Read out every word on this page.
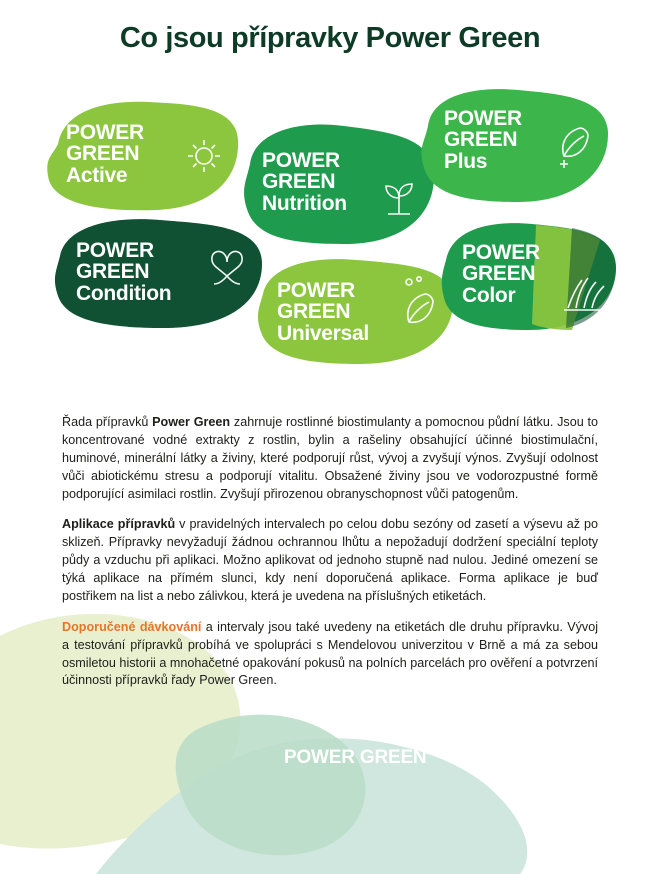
POWER GREEN
Co jsou přípravky Power Green
POWER
GREEN
Active
POWER
GREEN
Nutrition
POWER
GREEN
Plus
POWER
GREEN
Condition	POWER
GREEN
Universal
POWER
GREEN
Color

Řada přípravků Power Green zahrnuje rostlinné biostimulanty a pomocnou půdní látku. Jsou to koncentrované vodné extrakty z rostlin, bylin a rašeliny obsahující účinné biostimulační, huminové, minerální látky a živiny, které podporují růst, vývoj a zvyšují výnos. Zvyšují odolnost vůči abiotickému stresu a podporují vitalitu. Obsažené živiny jsou ve vodorozpustné formě podporující asimilaci rostlin. Zvyšují přirozenou obranyschopnost vůči patogenům.

Aplikace přípravků v pravidelných intervalech po celou dobu sezóny od zasetí a výsevu až po sklizeň. Přípravky nevyžadují žádnou ochrannou lhůtu a nepožadují dodržení speciální teploty půdy a vzduchu při aplikaci. Možno aplikovat od jednoho stupně nad nulou. Jediné omezení se týká aplikace na přímém slunci, kdy není doporučená aplikace. Forma aplikace je buď postřikem na list a nebo zálivkou, která je uvedena na příslušných etiketách.

Doporučené dávkování a intervaly jsou také uvedeny na etiketách dle druhu přípravku. Vývoj a testování přípravků probíhá ve spolupráci s Mendelovou univerzitou v Brně a má za sebou osmiletou historii a mnohačetné opakování pokusů na polních parcelách pro ověření a potvrzení účinnosti přípravků řady Power Green.
